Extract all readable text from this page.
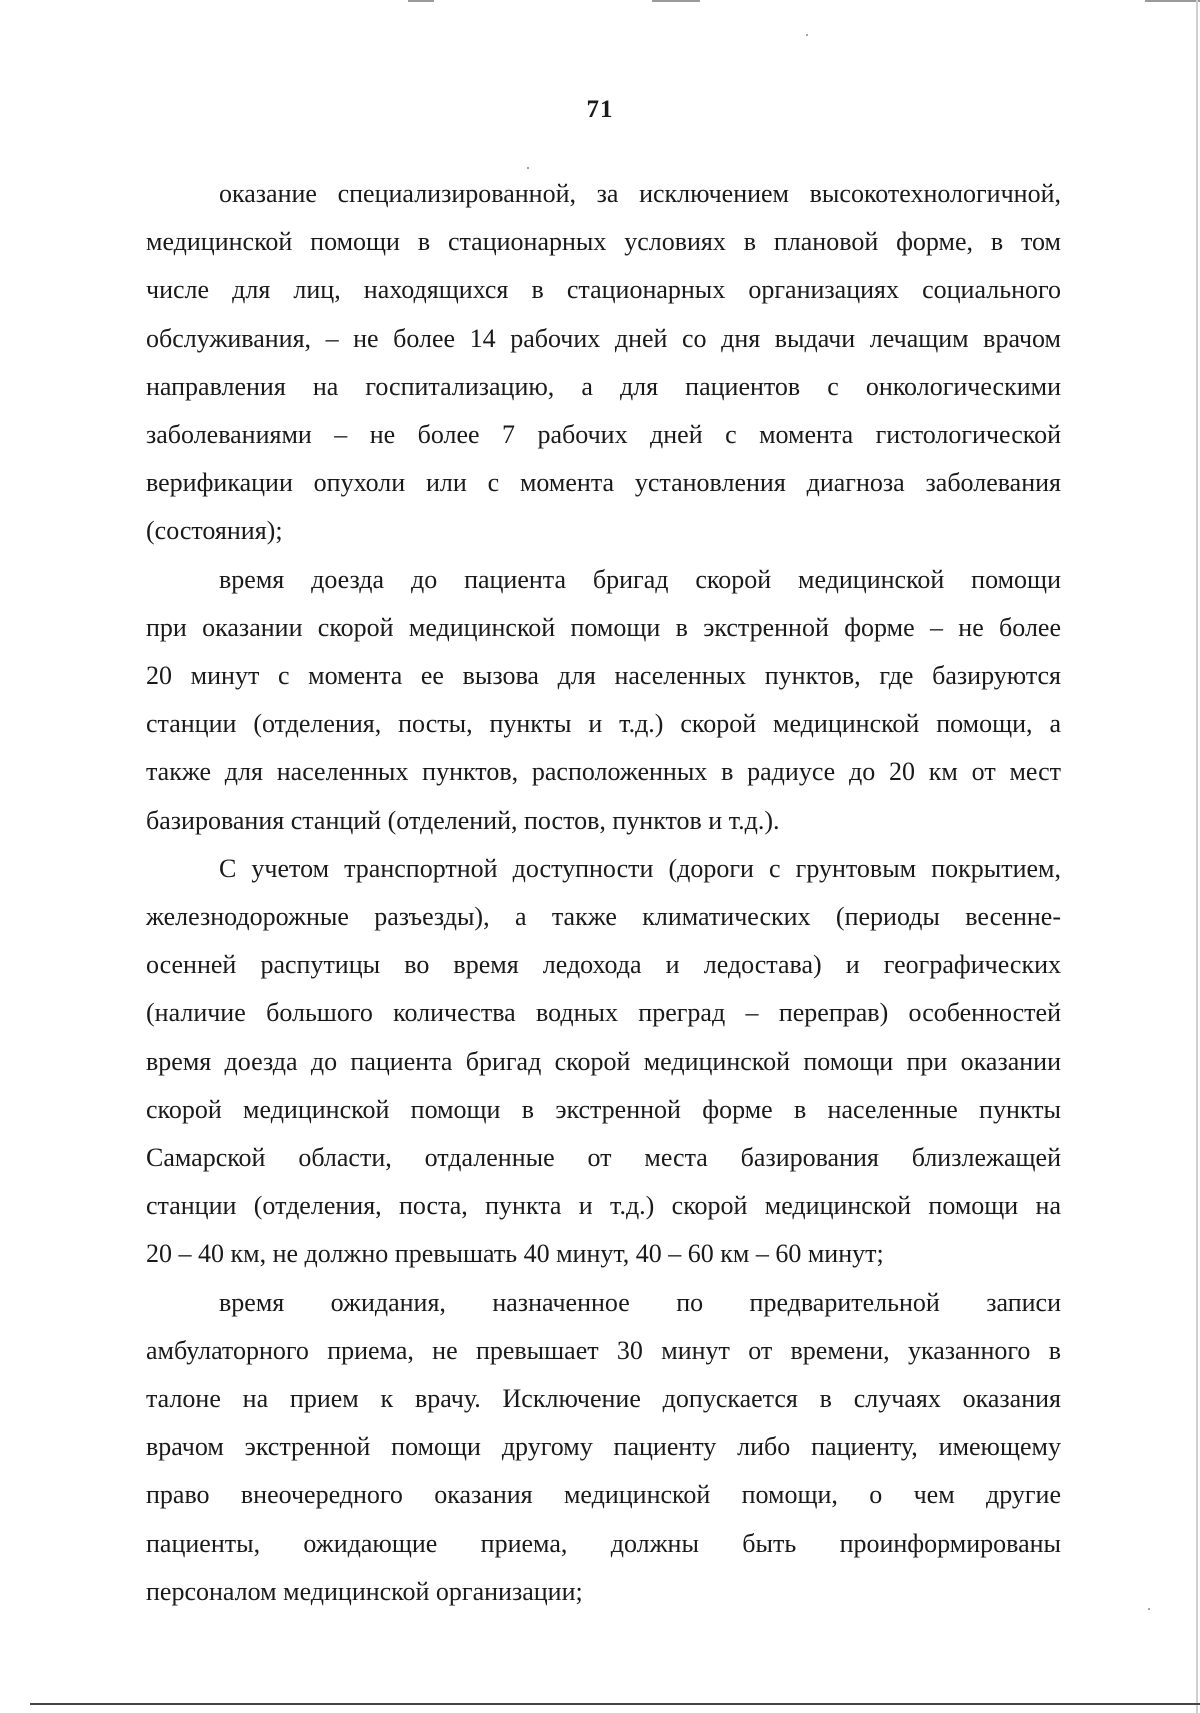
71
оказание специализированной, за исключением высокотехнологичной,
медицинской помощи в стационарных условиях в плановой форме, в том
числе для лиц, находящихся в стационарных организациях социального
обслуживания, – не более 14 рабочих дней со дня выдачи лечащим врачом
направления на госпитализацию, а для пациентов с онкологическими
заболеваниями – не более 7 рабочих дней с момента гистологической
верификации опухоли или с момента установления диагноза заболевания
(состояния);
время доезда до пациента бригад скорой медицинской помощи
при оказании скорой медицинской помощи в экстренной форме – не более
20 минут с момента ее вызова для населенных пунктов, где базируются
станции (отделения, посты, пункты и т.д.) скорой медицинской помощи, а
также для населенных пунктов, расположенных в радиусе до 20 км от мест
базирования станций (отделений, постов, пунктов и т.д.).
С учетом транспортной доступности (дороги с грунтовым покрытием,
железнодорожные разъезды), а также климатических (периоды весенне-
осенней распутицы во время ледохода и ледостава) и географических
(наличие большого количества водных преград – переправ) особенностей
время доезда до пациента бригад скорой медицинской помощи при оказании
скорой медицинской помощи в экстренной форме в населенные пункты
Самарской области, отдаленные от места базирования близлежащей
станции (отделения, поста, пункта и т.д.) скорой медицинской помощи на
20 – 40 км, не должно превышать 40 минут, 40 – 60 км – 60 минут;
время ожидания, назначенное по предварительной записи
амбулаторного приема, не превышает 30 минут от времени, указанного в
талоне на прием к врачу. Исключение допускается в случаях оказания
врачом экстренной помощи другому пациенту либо пациенту, имеющему
право внеочередного оказания медицинской помощи, о чем другие
пациенты, ожидающие приема, должны быть проинформированы
персоналом медицинской организации;
